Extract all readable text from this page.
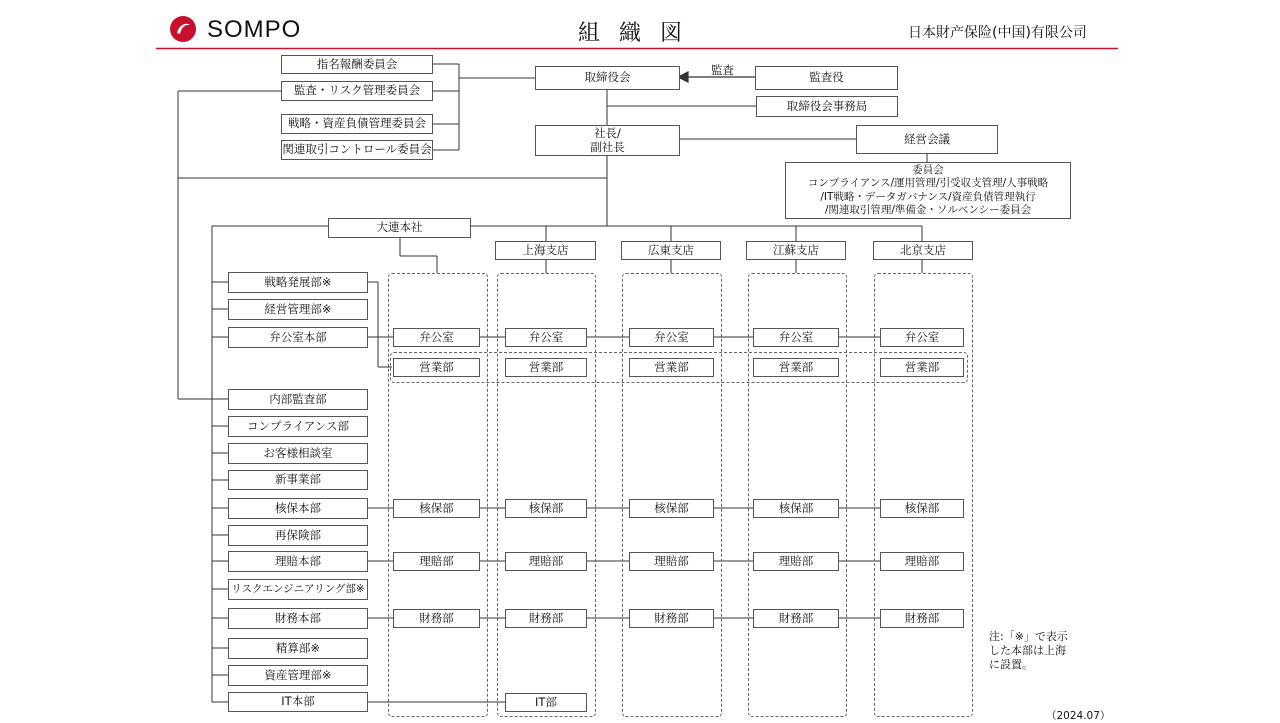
SOMPO	組 織 図	日本財产保险(中国)有限公司
指名報酬委員会
監査・リスク管理委員会
戦略・資産負債管理委員会
関連取引コントロール委員会
取締役会
監査
監査役
取締役会事務局
社長/
副社長
経営会議
委員会
コンプライアンス/運用管理/引受収支管理/人事戦略
/IT戦略・データガバナンス/資産負債管理執行
/関連取引管理/準備金・ソルベンシー委員会
大連本社
上海支店	広東支店	江蘇支店	北京支店
戦略発展部※
経営管理部※
弁公室本部
内部監査部
コンプライアンス部
お客様相談室
新事業部
核保本部
再保険部
理賠本部
リスクエンジニアリング部※
財務本部
精算部※
資産管理部※
IT本部
弁公室	弁公室	弁公室	弁公室	弁公室
営業部	営業部	営業部	営業部	営業部
核保部	核保部	核保部	核保部	核保部
理賠部	理賠部	理賠部	理賠部	理賠部
財務部	財務部	財務部	財務部	財務部
IT部
注:「※」で表示
した本部は上海
に設置。
（2024.07）
